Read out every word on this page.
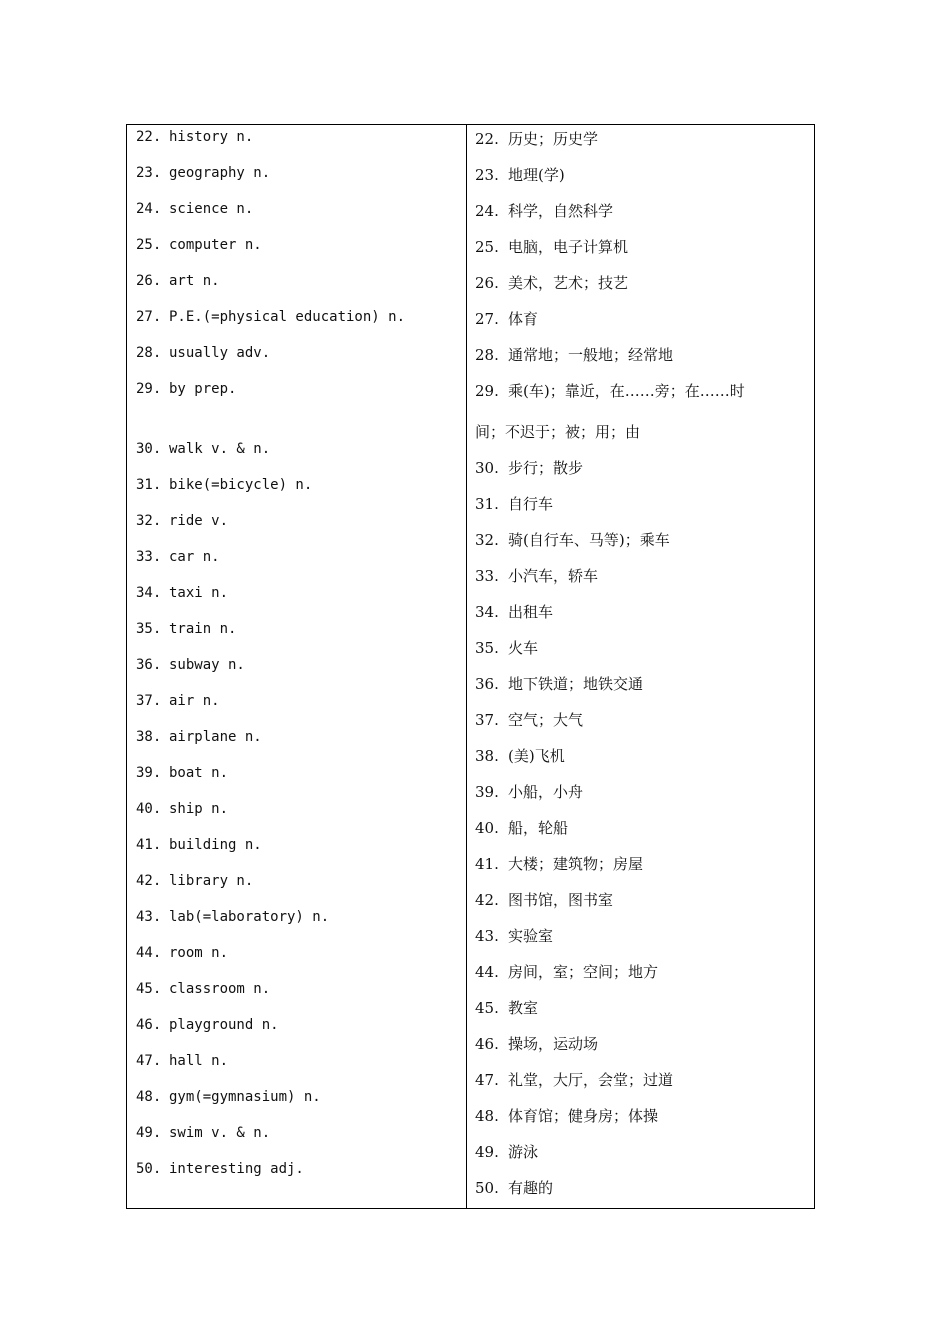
22. history n.
23. geography n.
24. science n.
25. computer n.
26. art n.
27. P.E.(=physical education) n.
28. usually adv.
29. by prep.
30. walk v. & n.
31. bike(=bicycle) n.
32. ride v.
33. car n.
34. taxi n.
35. train n.
36. subway n.
37. air n.
38. airplane n.
39. boat n.
40. ship n.
41. building n.
42. library n.
43. lab(=laboratory) n.
44. room n.
45. classroom n.
46. playground n.
47. hall n.
48. gym(=gymnasium) n.
49. swim v. & n.
50. interesting adj.
22. 历史；历史学
23. 地理(学)
24. 科学，自然科学
25. 电脑，电子计算机
26. 美术，艺术；技艺
27. 体育
28. 通常地；一般地；经常地
29. 乘(车)；靠近，在……旁；在……时
间；不迟于；被；用；由
30. 步行；散步
31. 自行车
32. 骑(自行车、马等)；乘车
33. 小汽车，轿车
34. 出租车
35. 火车
36. 地下铁道；地铁交通
37. 空气；大气
38. (美)飞机
39. 小船，小舟
40. 船，轮船
41. 大楼；建筑物；房屋
42. 图书馆，图书室
43. 实验室
44. 房间，室；空间；地方
45. 教室
46. 操场，运动场
47. 礼堂，大厅，会堂；过道
48. 体育馆；健身房；体操
49. 游泳
50. 有趣的
